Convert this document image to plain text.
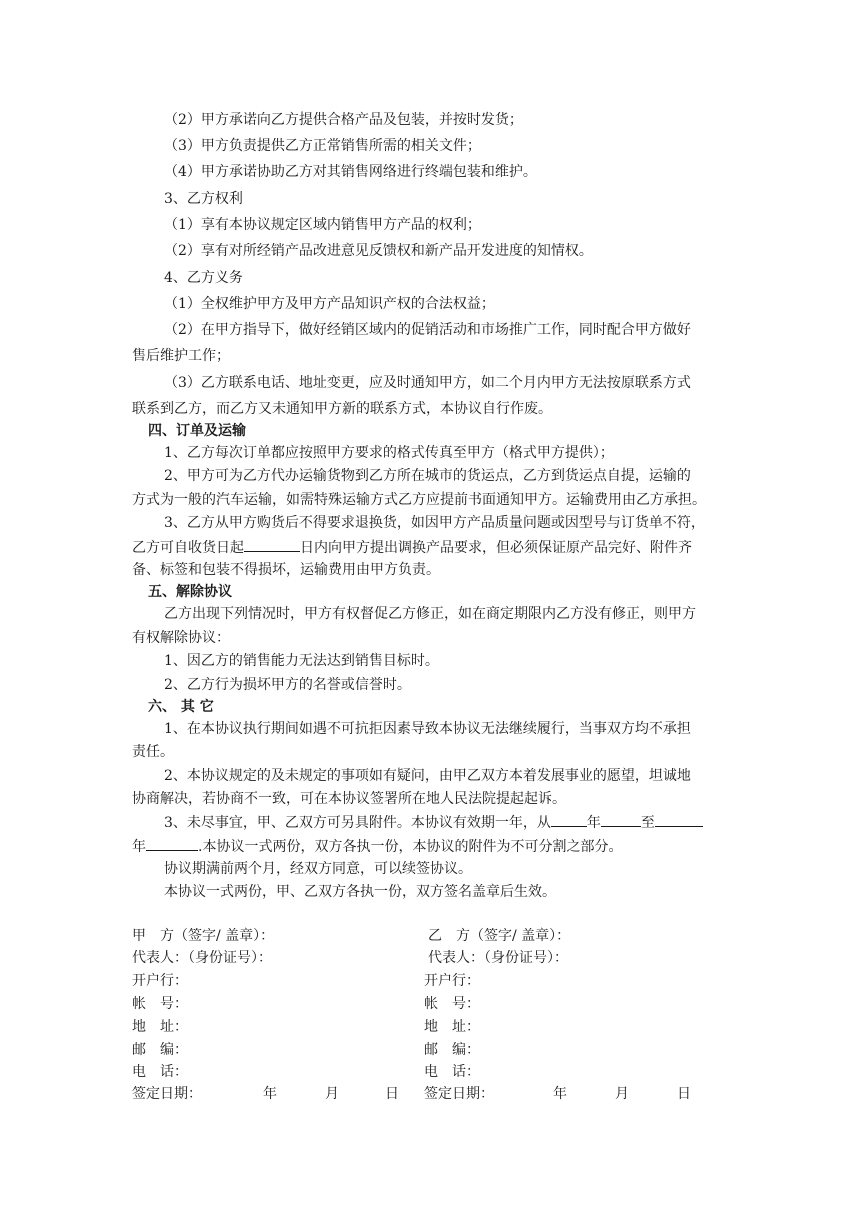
（2）甲方承诺向乙方提供合格产品及包装，并按时发货；
（3）甲方负责提供乙方正常销售所需的相关文件；
（4）甲方承诺协助乙方对其销售网络进行终端包装和维护。
3、乙方权利
（1）享有本协议规定区域内销售甲方产品的权利；
（2）享有对所经销产品改进意见反馈权和新产品开发进度的知情权。
4、乙方义务
（1）全权维护甲方及甲方产品知识产权的合法权益；
（2）在甲方指导下，做好经销区域内的促销活动和市场推广工作，同时配合甲方做好
售后维护工作；
（3）乙方联系电话、地址变更，应及时通知甲方，如二个月内甲方无法按原联系方式
联系到乙方，而乙方又未通知甲方新的联系方式，本协议自行作废。
四、订单及运输
1、乙方每次订单都应按照甲方要求的格式传真至甲方（格式甲方提供）；
2、甲方可为乙方代办运输货物到乙方所在城市的货运点，乙方到货运点自提，运输的
方式为一般的汽车运输，如需特殊运输方式乙方应提前书面通知甲方。运输费用由乙方承担。
3、乙方从甲方购货后不得要求退换货，如因甲方产品质量问题或因型号与订货单不符，
乙方可自收货日起	日内向甲方提出调换产品要求，但必须保证原产品完好、附件齐
备、标签和包装不得损坏，运输费用由甲方负责。
五、解除协议
乙方出现下列情况时，甲方有权督促乙方修正，如在商定期限内乙方没有修正，则甲方
有权解除协议：
1、因乙方的销售能力无法达到销售目标时。
2、乙方行为损坏甲方的名誉或信誉时。
六、 其 它
1、在本协议执行期间如遇不可抗拒因素导致本协议无法继续履行，当事双方均不承担
责任。
2、本协议规定的及未规定的事项如有疑问，由甲乙双方本着发展事业的愿望，坦诚地
协商解决，若协商不一致，可在本协议签署所在地人民法院提起起诉。
3、未尽事宜，甲、乙双方可另具附件。本协议有效期一年，从	年	至
年	.本协议一式两份，双方各执一份，本协议的附件为不可分割之部分。
协议期满前两个月，经双方同意，可以续签协议。
本协议一式两份，甲、乙双方各执一份，双方签名盖章后生效。
甲　方（签字/ 盖章）：
代表人：（身份证号）：
开户行：
帐　号：
地　址：
邮　编：
电　话：
签定日期：	年	月	日
乙　方（签字/ 盖章）：
代表人：（身份证号）：
开户行：
帐　号：
地　址：
邮　编：
电　话：
签定日期：	年	月	日
